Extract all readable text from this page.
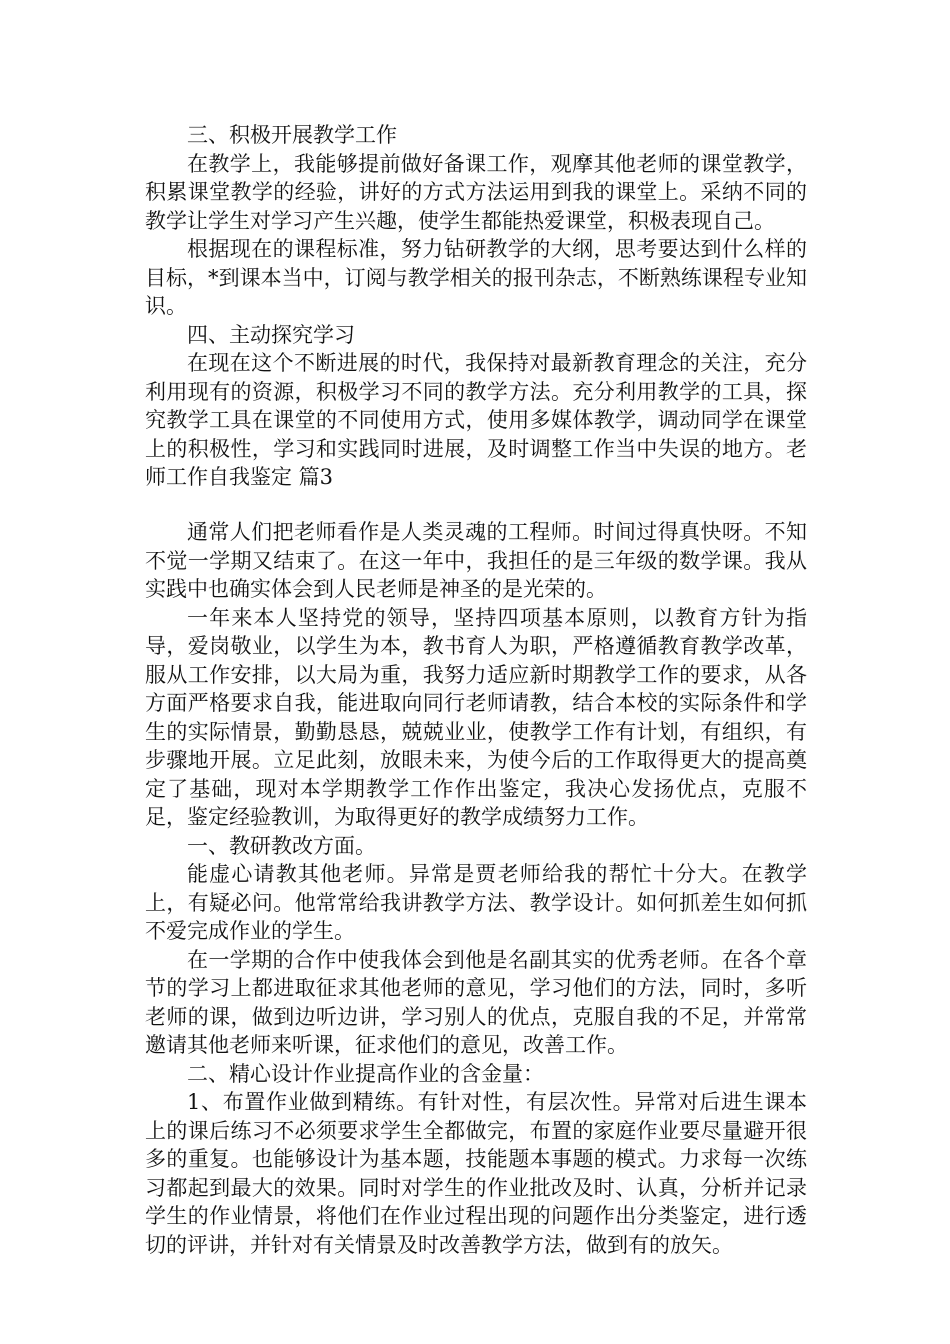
三、积极开展教学工作

在教学上，我能够提前做好备课工作，观摩其他老师的课堂教学，积累课堂教学的经验，讲好的方式方法运用到我的课堂上。采纳不同的教学让学生对学习产生兴趣，使学生都能热爱课堂，积极表现自己。

根据现在的课程标准，努力钻研教学的大纲，思考要达到什么样的目标，*到课本当中，订阅与教学相关的报刊杂志，不断熟练课程专业知识。

四、主动探究学习

在现在这个不断进展的时代，我保持对最新教育理念的关注，充分利用现有的资源，积极学习不同的教学方法。充分利用教学的工具，探究教学工具在课堂的不同使用方式，使用多媒体教学，调动同学在课堂上的积极性，学习和实践同时进展，及时调整工作当中失误的地方。老师工作自我鉴定 篇3

通常人们把老师看作是人类灵魂的工程师。时间过得真快呀。不知不觉一学期又结束了。在这一年中，我担任的是三年级的数学课。我从实践中也确实体会到人民老师是神圣的是光荣的。

一年来本人坚持党的领导，坚持四项基本原则，以教育方针为指导，爱岗敬业，以学生为本，教书育人为职，严格遵循教育教学改革，服从工作安排，以大局为重，我努力适应新时期教学工作的要求，从各方面严格要求自我，能进取向同行老师请教，结合本校的实际条件和学生的实际情景，勤勤恳恳，兢兢业业，使教学工作有计划，有组织，有步骤地开展。立足此刻，放眼未来，为使今后的工作取得更大的提高奠定了基础，现对本学期教学工作作出鉴定，我决心发扬优点，克服不足，鉴定经验教训，为取得更好的教学成绩努力工作。

一、教研教改方面。

能虚心请教其他老师。异常是贾老师给我的帮忙十分大。在教学上，有疑必问。他常常给我讲教学方法、教学设计。如何抓差生如何抓不爱完成作业的学生。

在一学期的合作中使我体会到他是名副其实的优秀老师。在各个章节的学习上都进取征求其他老师的意见，学习他们的方法，同时，多听老师的课，做到边听边讲，学习别人的优点，克服自我的不足，并常常邀请其他老师来听课，征求他们的意见，改善工作。

二、精心设计作业提高作业的含金量：

1、布置作业做到精练。有针对性，有层次性。异常对后进生课本上的课后练习不必须要求学生全都做完，布置的家庭作业要尽量避开很多的重复。也能够设计为基本题，技能题本事题的模式。力求每一次练习都起到最大的效果。同时对学生的作业批改及时、认真，分析并记录学生的作业情景，将他们在作业过程出现的问题作出分类鉴定，进行透切的评讲，并针对有关情景及时改善教学方法，做到有的放矢。
